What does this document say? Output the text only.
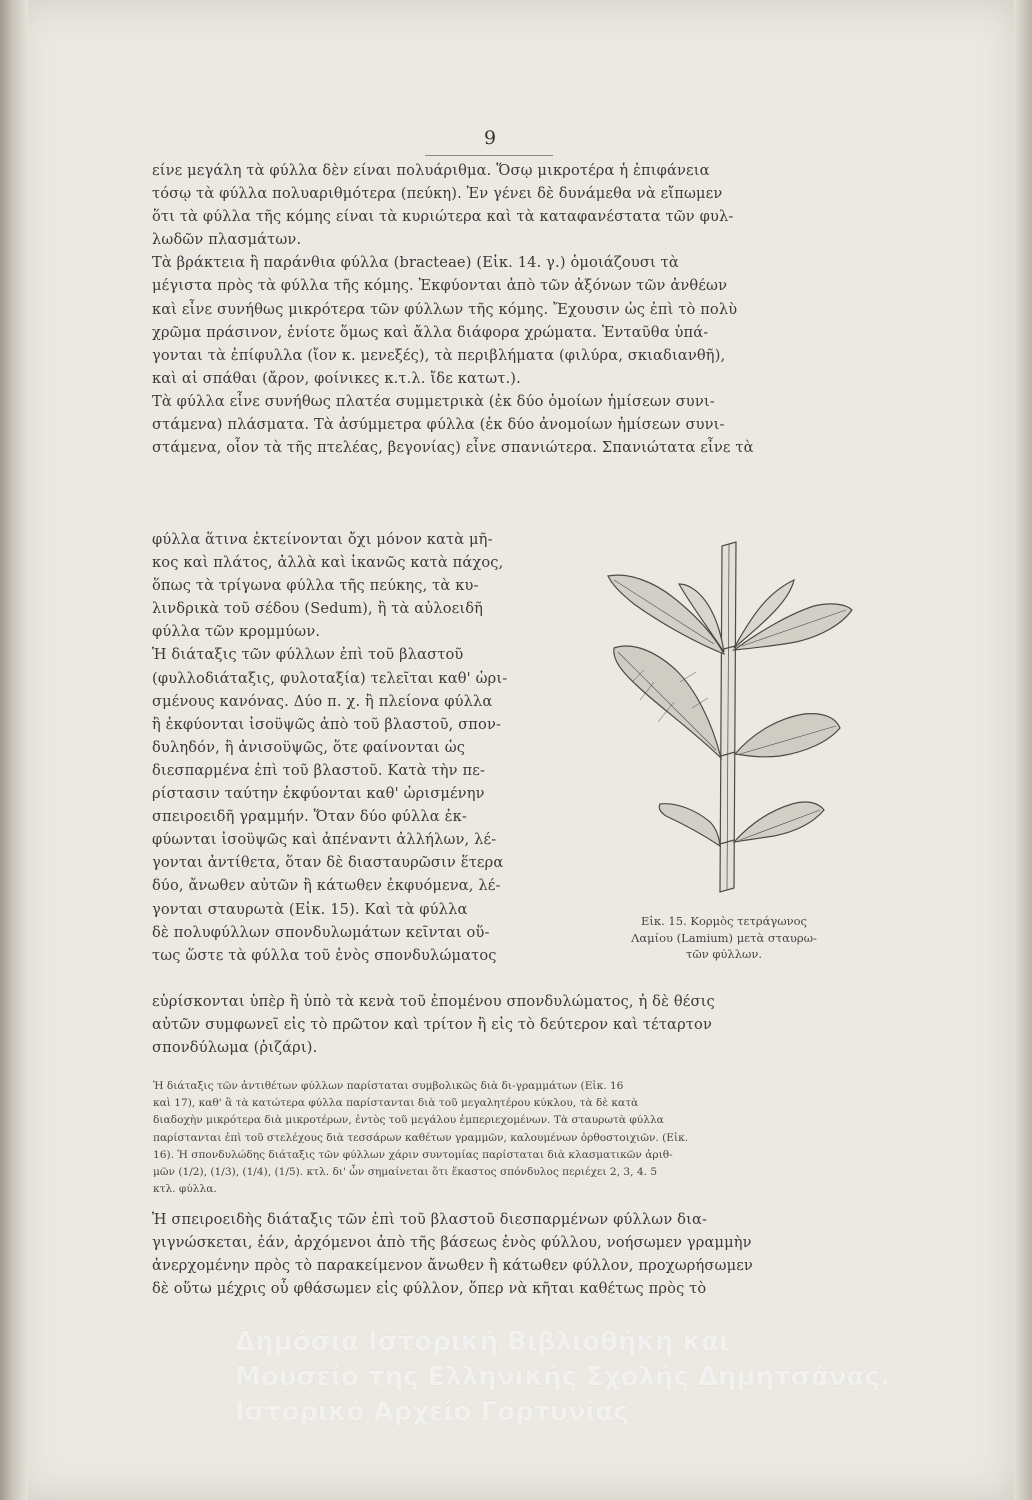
9
είνε μεγάλη τὰ φύλλα δὲν είναι πολυάριθμα. Ὅσῳ μικροτέρα ἡ ἐπιφάνεια
τόσῳ τὰ φύλλα πολυαριθμότερα (πεύκη). Ἐν γένει δὲ δυνάμεθα νὰ εἴπωμεν
ὅτι τὰ φύλλα τῆς κόμης είναι τὰ κυριώτερα καὶ τὰ καταφανέστατα τῶν φυλ-
λωδῶν πλασμάτων.
Τὰ βράκτεια ἢ παράνθια φύλλα (bracteae) (Εἰκ. 14. γ.) ὁμοιάζουσι τὰ
μέγιστα πρὸς τὰ φύλλα τῆς κόμης. Ἐκφύονται ἀπὸ τῶν ἀξόνων τῶν ἀνθέων
καὶ εἶνε συνήθως μικρότερα τῶν φύλλων τῆς κόμης. Ἔχουσιν ὡς ἐπὶ τὸ πολὺ
χρῶμα πράσινον, ἐνίοτε ὅμως καὶ ἄλλα διάφορα χρώματα. Ἐνταῦθα ὑπά-
γονται τὰ ἐπίφυλλα (ἴον κ. μενεξές), τὰ περιβλήματα (φιλύρα, σκιαδιανθῆ),
καὶ αἱ σπάθαι (ἄρον, φοίνικες κ.τ.λ. ἴδε κατωτ.).
Τὰ φύλλα εἶνε συνήθως πλατέα συμμετρικὰ (ἐκ δύο ὁμοίων ἡμίσεων συνι-
στάμενα) πλάσματα. Τὰ ἀσύμμετρα φύλλα (ἐκ δύο ἀνομοίων ἡμίσεων συνι-
στάμενα, οἷον τὰ τῆς πτελέας, βεγονίας) εἶνε σπανιώτερα. Σπανιώτατα εἶνε τὰ
φύλλα ἅτινα ἐκτείνονται ὄχι μόνον κατὰ μῆ-
κος καὶ πλάτος, ἀλλὰ καὶ ἱκανῶς κατὰ πάχος,
ὅπως τὰ τρίγωνα φύλλα τῆς πεύκης, τὰ κυ-
λινδρικὰ τοῦ σέδου (Sedum), ἢ τὰ αὐλοειδῆ
φύλλα τῶν κρομμύων.
Ἡ διάταξις τῶν φύλλων ἐπὶ τοῦ βλαστοῦ
(φυλλοδιάταξις, φυλοταξία) τελεῖται καθ' ὡρι-
σμένους κανόνας. Δύο π. χ. ἢ πλείονα φύλλα
ἢ ἐκφύονται ἰσοϋψῶς ἀπὸ τοῦ βλαστοῦ, σπον-
δυληδόν, ἢ ἀνισοϋψῶς, ὅτε φαίνονται ὡς
διεσπαρμένα ἐπὶ τοῦ βλαστοῦ. Κατὰ τὴν πε-
ρίστασιν ταύτην ἐκφύονται καθ' ὡρισμένην
σπειροειδῆ γραμμήν. Ὅταν δύο φύλλα ἐκ-
φύωνται ἰσοϋψῶς καὶ ἀπέναντι ἀλλήλων, λέ-
γονται ἀντίθετα, ὅταν δὲ διασταυρῶσιν ἕτερα
δύο, ἄνωθεν αὐτῶν ἢ κάτωθεν ἐκφυόμενα, λέ-
γονται σταυρωτὰ (Εἰκ. 15). Καὶ τὰ φύλλα
δὲ πολυφύλλων σπονδυλωμάτων κεῖνται οὕ-
τως ὥστε τὰ φύλλα τοῦ ἑνὸς σπονδυλώματος
εὑρίσκονται ὑπὲρ ἢ ὑπὸ τὰ κενὰ τοῦ ἐπομένου σπονδυλώματος, ἡ δὲ θέσις
αὐτῶν συμφωνεῖ εἰς τὸ πρῶτον καὶ τρίτον ἢ εἰς τὸ δεύτερον καὶ τέταρτον
σπονδύλωμα (ῥιζάρι).
Ἡ διάταξις τῶν ἀντιθέτων φύλλων παρίσταται συμβολικῶς διὰ δι-γραμμάτων (Εἰκ. 16
καὶ 17), καθ' ἃ τὰ κατώτερα φύλλα παρίστανται διὰ τοῦ μεγαλητέρου κύκλου, τὰ δὲ κατὰ
διαδοχὴν μικρότερα διὰ μικροτέρων, ἐντὸς τοῦ μεγάλου ἐμπεριεχομένων. Τὰ σταυρωτὰ φύλλα
παρίστανται ἐπὶ τοῦ στελέχους διὰ τεσσάρων καθέτων γραμμῶν, καλουμένων ὀρθοστοιχιῶν. (Εἰκ.
16). Ἡ σπονδυλώδης διάταξις τῶν φύλλων χάριν συντομίας παρίσταται διὰ κλασματικῶν ἀριθ-
μῶν (1/2), (1/3), (1/4), (1/5). κτλ. δι' ὧν σημαίνεται ὅτι ἕκαστος σπόνδυλος περιέχει 2, 3, 4. 5
κτλ. φύλλα.
Ἡ σπειροειδὴς διάταξις τῶν ἐπὶ τοῦ βλαστοῦ διεσπαρμένων φύλλων δια-
γιγνώσκεται, ἐάν, ἀρχόμενοι ἀπὸ τῆς βάσεως ἑνὸς φύλλου, νοήσωμεν γραμμὴν
ἀνερχομένην πρὸς τὸ παρακείμενον ἄνωθεν ἢ κάτωθεν φύλλον, προχωρήσωμεν
δὲ οὕτω μέχρις οὗ φθάσωμεν εἰς φύλλον, ὅπερ νὰ κῆται καθέτως πρὸς τὸ
Εἰκ. 15. Κορμὸς τετράγωνος
Λαμίου (Lamium) μετὰ σταυρω-
τῶν φύλλων.
Δημόσια Ιστορική Βιβλιοθήκη και
Μουσείο της Ελληνικής Σχολής Δημητσάνας.
Ιστορικό Αρχείο Γορτυνίας
